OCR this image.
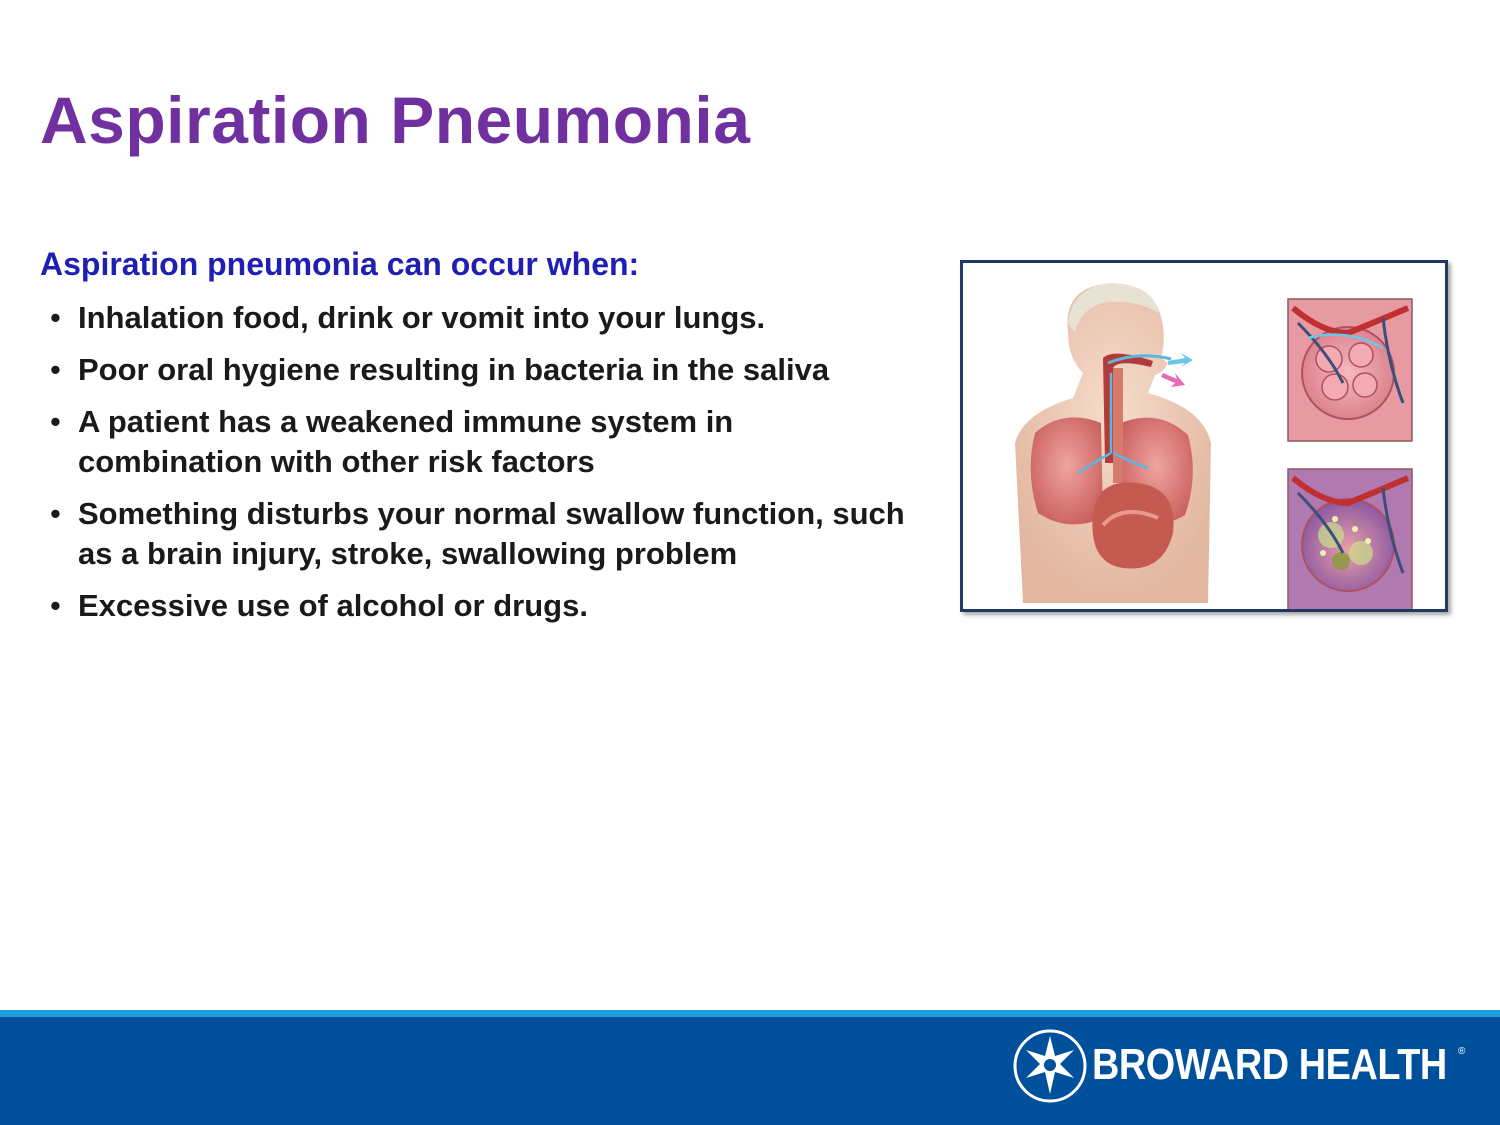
Aspiration Pneumonia
Aspiration pneumonia can occur when:
• Inhalation food, drink or vomit into your lungs.
• Poor oral hygiene resulting in bacteria in the saliva
• A patient has a weakened immune system in combination with other risk factors
• Something disturbs your normal swallow function, such as a brain injury, stroke, swallowing problem
• Excessive use of alcohol or drugs.
BROWARD HEALTH ®
